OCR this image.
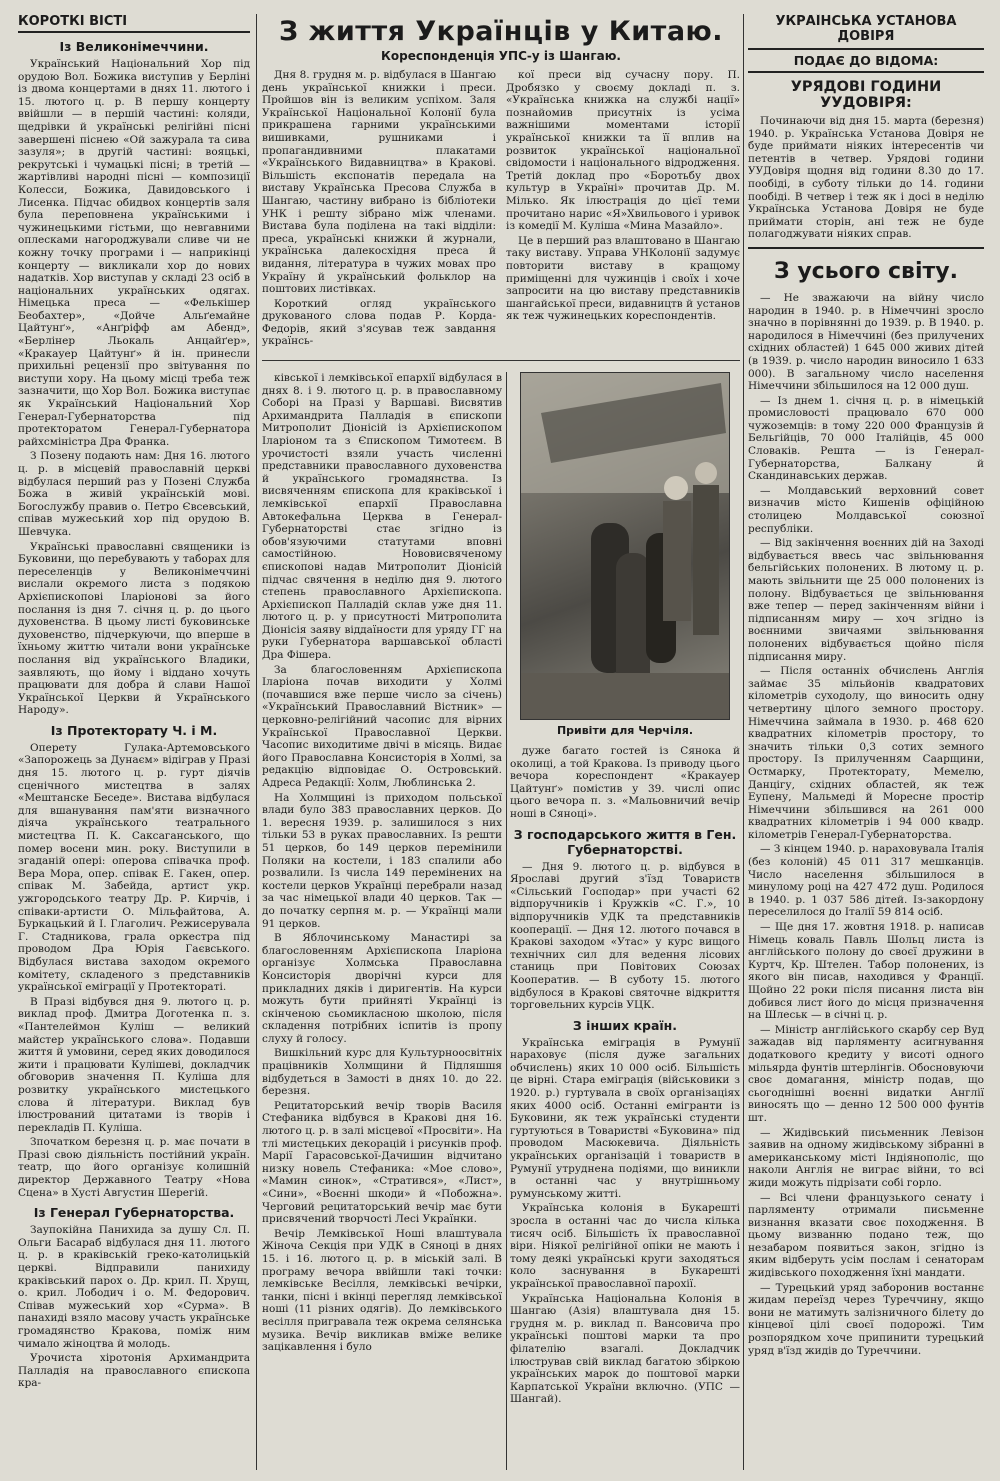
КОРОТКІ ВІСТІ
Із Великонімеччини.

Український Національний Хор під орудою Вол. Божика виступив у Берліні із двома концертами в днях 11. лютого і 15. лютого ц. р. В першу концерту ввійшли — в першій частині: коляди, щедрівки й українські релігійні пісні завершені піснею «Ой зажурала та сива зазуля»; в другій частині: вояцькі, рекрутські і чумацькі пісні; в третій — жартівливі народні пісні — композиції Колесси, Божика, Давидовського і Лисенка. Підчас обидвох концертів заля була переповнена українськими і чужинецькими гістьми, що невгавними оплесками нагороджували сливе чи не кожну точку програми і — наприкінці концерту — викликали хор до нових надатків. Хор виступав у складі 23 осіб в національних українських одягах. Німецька преса — «Фелькішер Беобахтер», «Дойче Альґемайне Цайтунґ», «Анґріфф ам Абенд», «Берлінер Льокаль Анцайґер», «Кракауер Цайтунґ» й ін. принесли прихильні рецензії про звітування по виступи хору. На цьому місці треба теж зазначити, що Хор Вол. Божика виступає як Український Національний Хор Генерал-Губернаторства під протекторатом Генерал-Губернатора райхсміністра Дра Франка.

З Позену подають нам: Дня 16. лютого ц. р. в місцевій православній церкві відбулася перший раз у Позені Служба Божа в живій українській мові. Богослужбу правив о. Петро Євсевський, співав мужеський хор під орудою В. Шевчука.

Українські православні священики із Буковини, що перебувають у таборах для переселенців у Великонімеччині вислали окремого листа з подякою Архієпископові Іларіонові за його послання із дня 7. січня ц. р. до цього духовенства. В цьому листі буковинське духовенство, підчеркуючи, що вперше в їхньому життю читали вони українське послання від українського Владики, заявляють, що йому і віддано хочуть працювати для добра й слави Нашої Української Церкви й Українського Народу».

Із Протекторату Ч. і М.

Оперету Гулака-Артемовського «Запорожець за Дунаєм» відіграв у Празі дня 15. лютого ц. р. гурт діячів сценічного мистецтва в залях «Мештанске Беседе». Вистава відбулася для вшанування пам'яти визначного діяча українського театрального мистецтва П. К. Саксаганського, що помер восени мин. року. Виступили в згаданій опері: оперова співачка проф. Вера Мора, опер. співак Е. Гакен, опер. співак М. Забейда, артист укр. ужгородського театру Др. Р. Кирчів, і співаки-артисти О. Мільфайтова, А. Буркацький й І. Глаголич. Режисерувала Г. Стадникова, грала оркестра під проводом Дра Юрія Гаєвського. Відбулася вистава заходом окремого комітету, складеного з представників української еміграції у Протектораті.

В Празі відбувся дня 9. лютого ц. р. виклад проф. Дмитра Доготенка п. з. «Пантелеймон Куліш — великий майстер українського слова». Подавши життя й умовини, серед яких доводилося жити і працювати Кулішеві, доклaдчик обговорив значення П. Куліша для розвитку українського мистецького слова й літератури. Виклад був ілюстрований цитатами із творів і перекладів П. Куліша.

Зпочатком березня ц. р. має почати в Празі свою діяльність постійний україн. театр, що його організує колишній директор Державного Театру «Нова Сцена» в Хусті Августин Шерегій.

Із Генерал Губернаторства.

Заупокійна Панихида за душу Сл. П. Ольги Басараб відбулася дня 11. лютого ц. р. в краківській греко-католицькій церкві. Відправили панихиду краківський парох о. Др. крил. П. Хрущ, о. крил. Лободич і о. М. Федорович. Співав мужеський хор «Сурма». В панахиді взяло масову участь українське громадянство Кракова, поміж ним чимало жіноцтва й молодь.

Урочиста хіротонія Архимандрита Палладія на православного єпископа кра-

З життя Українців у Китаю.
Кореспонденція УПС-у із Шангаю.

Дня 8. грудня м. р. відбулася в Шангаю день української книжки і преси. Пройшов він із великим успіхом. Заля Української Національної Колонії була прикрашена гарними українськими вишивками, рушниками і пропагандивними плакатами «Українського Видавництва» в Кракові. Вільшість експонатів передала на виставу Українська Пресова Служба в Шангаю, частину вибрано із бібліотеки УНК і решту зібрано між членами. Вистава була поділена на такі відділи: преса, українські книжки й журнали, українська далекосхідня преса й видання, література в чужих мовах про Україну й український фольклор на поштових листівках.

Короткий огляд українського друкованого слова подав Р. Корда-Федорів, який з'ясував теж завдання українсь-

кої преси від сучасну пору. П. Дробязко у своєму докладі п. з. «Українська книжка на службі нації» познайомив присутніх із усіма важнішими моментами історії української книжки та її вплив на розвиток української національної свідомости і національного відродження. Третій доклад про «Боротьбу двох культур в Україні» прочитав Др. М. Мілько. Як ілюстрація до цієї теми прочитано нарис «Я»Хвильового і уривок із комедії М. Куліша «Мина Мазайло».

Це в перший раз влаштовано в Шангаю таку виставу. Управа УНКолонії задумує повторити виставу в кращому приміщенні для чужинців і своїх і хоче запросити на цю виставу представників шангайської преси, видавництв й установ як теж чужинецьких кореспондентів.

ківської і лемківської епархії відбулася в днях 8. і 9. лютого ц. р. в православному Соборі на Празі у Варшаві. Висвятив Архимандрита Палладія в єпископи Митрополит Діонісій із Архієпископом Іларіоном та з Єпископом Тимотеєм. В урочистості взяли участь численні представники православного духовенства й українського громадянства. Із висвяченням єпископа для краківської і лемківської епархії Православна Автокефальна Церква в Генерал-Губернаторстві стає згідно із обов'язуючими статутами вповні самостійною. Нововисвяченому єпископові надав Митрополит Діонісій підчас свячення в неділю дня 9. лютого степень православного Архієпископа. Архієпископ Палладій склав уже дня 11. лютого ц. р. у присутності Митрополита Діонісія заяву віддаїности для уряду ГГ на руки Губернатора варшавської області Дра Фішера.

За благословенням Архієпископа Іларіона почав виходити у Холмі (почавшися вже перше число за січень) «Український Православний Вістник» — церковно-релігійний часопис для вірних Української Православної Церкви. Часопис виходитиме двічі в місяць. Видає його Православна Консисторія в Холмі, за редакцію відповідає О. Островський. Адреса Редакції: Холм, Люблинська 2.

На Холмщині із приходом польської влади було 383 православних церков. До 1. вересня 1939. р. залишилося з них тільки 53 в руках православних. Із решти 51 церков, бо 149 церков перемінили Поляки на костели, і 183 спалили або розвалили. Із числа 149 перемінених на костели церков Українці перебрали назад за час німецької влади 40 церков. Так — до початку серпня м. р. — Українці мали 91 церков.

В Яблочинському Манастирі за благословенням Архієпископа Іларіона організує Холмська Православна Консисторія дворічні курси для прикладних дяків і диригентів. На курси можуть бути прийняті Українці із скінченою сьомикласною школою, після складення потрібних іспитів із пропу слуху й голосу.

Вишкільний курс для Культурноосвітніх працівників Холмщини й Підляшшя відбудеться в Замості в днях 10. до 22. березня.

Рецитаторський вечір творів Василя Стефаника відбувся в Кракові дня 16. лютого ц. р. в залі місцевої «Просвіти». На тлі мистецьких декорацій і рисунків проф. Марії Гарасовської-Дачишин відчитано низку новель Стефаника: «Мое слово», «Мамин синок», «Стратився», «Лист», «Сини», «Воєнні шкоди» й «Побожна». Черговий рецитаторський вечір має бути присвячений творчості Лесі Українки.

Вечір Лемківської Ноші влаштувала Жіноча Секція при УДК в Сяноці в днях 15. і 16. лютого ц. р. в міській залі. В програму вечора ввійшли такі точки: лемківське Весілля, лемківські вечірки, танки, пісні і вкінці перегляд лемківської ноші (11 різних одягів). До лемківського весілля пригравала теж окрема селянська музика. Вечір викликав вміже велике зацікавлення і було

Привіти для Черчіля.

дуже багато гостей із Сянока й околиці, а той Кракова. Із приводу цього вечора кореспондент «Кракауер Цайтунґ» помістив у 39. числі опис цього вечора п. з. «Мальовничий вечір ноші в Сяноці».

З господарського життя в Ген. Губернаторстві.

— Дня 9. лютого ц. р. відбувся в Ярославі другий з'їзд Товариств «Сільський Господар» при участі 62 відпоручників і Кружків «С. Г.», 10 відпоручників УДК та представників кооперації. — Дня 12. лютого почався в Кракові заходом «Утас» у курс вищого технічних сил для ведення лісових станиць при Повітових Союзах Кооператив. — В суботу 15. лютого відбулося в Кракові святочне відкриття торговельних курсів УЦК.

З інших країн.

Українська еміграція в Румунії нараховує (після дуже загальних обчислень) яких 10 000 осіб. Більшість це вірні. Стара еміграція (військовики з 1920. р.) гуртувала в своїх організаціях яких 4000 осіб. Останні емігранти із Буковини, як теж українські студенти гуртуються в Товаристві «Буковина» під проводом Масюкевича. Діяльність українських організацій і товариств в Румунії утруднена подіями, що виникли в останні час у внутрішньому румунському житті.

Українська колонія в Букарешті зросла в останні час до числа кілька тисяч осіб. Більшість їх православної віри. Ніякої релігійної опіки не мають і тому деякі українські круги заходяться коло заснування в Букарешті української православної парохії.

Українська Національна Колонія в Шангаю (Азія) влаштувала дня 15. грудня м. р. виклад п. Вансовича про українські поштові марки та про філателію взагалі. Докладчик ілюстрував свій виклад багатою збіркою українських марок до поштової марки Карпатської України включно. (УПС — Шангай).

УКРАЇНСЬКА УСТАНОВА ДОВІРЯ
ПОДАЄ ДО ВІДОМА:
УРЯДОВІ ГОДИНИ УУДОВІРЯ:

Починаючи від дня 15. марта (березня) 1940. р. Українська Установа Довіря не буде приймати ніяких інтересентів чи петентів в четвер. Урядові години УУДовіря щодня від години 8.30 до 17. пообіді, в суботу тільки до 14. години пообіді. В четвер і теж як і досі в неділю Українська Установа Довіря не буде приймати сторін, ані теж не буде полагоджувати ніяких справ.

З усього світу.

— Не зважаючи на війну число народин в 1940. р. в Німеччині зросло значно в порівнянні до 1939. р. В 1940. р. народилося в Німеччині (без прилучених східних областей) 1 645 000 живих дітей (в 1939. р. число народин виносило 1 633 000). В загальному число населення Німеччини збільшилося на 12 000 душ.

— Із днем 1. січня ц. р. в німецькій промисловості працювало 670 000 чужоземців: в тому 220 000 Французів й Бельгійців, 70 000 Італійців, 45 000 Словаків. Решта — із Генерал-Губернаторства, Балкану й Скандинавських держав.

— Молдавський верховний совет визначив місто Кишенів офіційною столицею Молдавської союзної республіки.

— Від закінчення воєнних дій на Заході відбувається ввесь час звільнювання бельгійських полонених. В лютому ц. р. мають звільнити ще 25 000 полонених із полону. Відбувається це звільнювання вже тепер — перед закінченням війни і підписанням миру — хоч згідно із воєнними звичаями звільнювання полонених відбувається щойно після підписання миру.

— Після останніх обчислень Англія займає 35 мільйонів квадратових кілометрів суходолу, що виносить одну четвертину цілого земного простору. Німеччина займала в 1930. р. 468 620 квадратних кілометрів простору, то значить тільки 0,3 сотих земного простору. Із прилученням Саарщини, Остмарку, Протекторату, Мемелю, Данцігу, східних областей, як теж Еупену, Мальмеді й Моресне простір Німеччини збільшився на 261 000 квадратних кілометрів і 94 000 квадр. кілометрів Генерал-Губернаторства.

— З кінцем 1940. р. нараховувала Італія (без колоній) 45 011 317 мешканців. Число населення збільшилося в минулому році на 427 472 душ. Родилося в 1940. р. 1 037 586 дітей. Із-закордону переселилося до Італії 59 814 осіб.

— Ще дня 17. жовтня 1918. р. написав Німець коваль Павль Шольц листа із англійського полону до своєї дружини в Куртч, Кр. Штелен. Табор полонених, із якого він писав, находився у Франції. Щойно 22 роки після писання листа він добився лист його до місця призначення на Шлеськ — в січні ц. р.

— Міністр англійського скарбу сер Вуд зажадав від парляменту асигнування додаткового кредиту у висоті одного мільярда фунтів штерлінгів. Обосновуючи своє домагання, міністр подав, що сьогоднішні воєнні видатки Англії виносять що — денно 12 500 000 фунтів шт.

— Жидівський письменник Левізон заявив на одному жидівському зібранні в американському місті Індіянополіс, що наколи Англія не виграє війни, то всі жиди можуть підрізати собі горло.

— Всі члени французького сенату і парляменту отримали письменне визнання вказати своє походження. В цьому визванню подано теж, що незабаром появиться закон, згідно із яким відберуть усім послам і сенаторам жидівського походження їхні мандати.

— Турецький уряд заборонив востаннє жидам переїзд через Туреччину, якщо вони не матимуть залізничного білету до кінцевої цілі своєї подорожі. Тим розпорядком хоче припинити турецький уряд в'їзд жидів до Туреччини.
